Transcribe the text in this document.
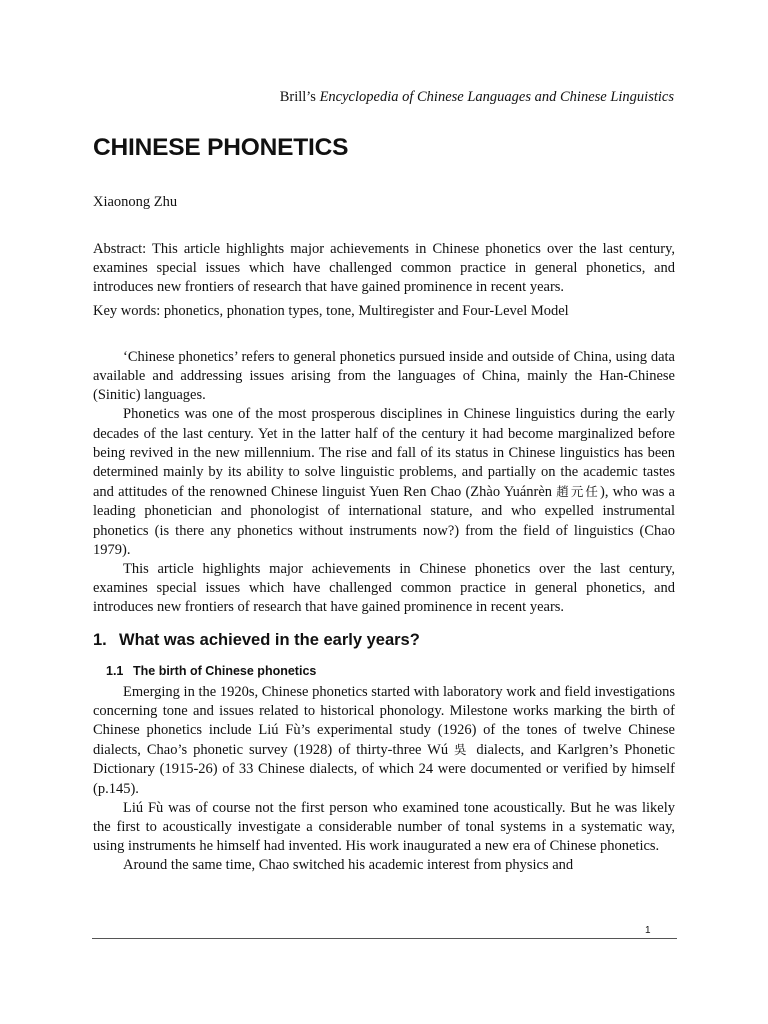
Brill’s Encyclopedia of Chinese Languages and Chinese Linguistics
CHINESE PHONETICS
Xiaonong Zhu

Abstract: This article highlights major achievements in Chinese phonetics over the last century, examines special issues which have challenged common practice in general phonetics, and introduces new frontiers of research that have gained prominence in recent years.

Key words: phonetics, phonation types, tone, Multiregister and Four-Level Model

‘Chinese phonetics’ refers to general phonetics pursued inside and outside of China, using data available and addressing issues arising from the languages of China, mainly the Han-Chinese (Sinitic) languages.

Phonetics was one of the most prosperous disciplines in Chinese linguistics during the early decades of the last century. Yet in the latter half of the century it had become marginalized before being revived in the new millennium. The rise and fall of its status in Chinese linguistics has been determined mainly by its ability to solve linguistic problems, and partially on the academic tastes and attitudes of the renowned Chinese linguist Yuen Ren Chao (Zhào Yuánrèn 趙元任), who was a leading phonetician and phonologist of international stature, and who expelled instrumental phonetics (is there any phonetics without instruments now?) from the field of linguistics (Chao 1979).

This article highlights major achievements in Chinese phonetics over the last century, examines special issues which have challenged common practice in general phonetics, and introduces new frontiers of research that have gained prominence in recent years.

1. What was achieved in the early years?
1.1 The birth of Chinese phonetics

Emerging in the 1920s, Chinese phonetics started with laboratory work and field investigations concerning tone and issues related to historical phonology. Milestone works marking the birth of Chinese phonetics include Liú Fù’s experimental study (1926) of the tones of twelve Chinese dialects, Chao’s phonetic survey (1928) of thirty-three Wú 吳 dialects, and Karlgren’s Phonetic Dictionary (1915-26) of 33 Chinese dialects, of which 24 were documented or verified by himself (p.145).

Liú Fù was of course not the first person who examined tone acoustically. But he was likely the first to acoustically investigate a considerable number of tonal systems in a systematic way, using instruments he himself had invented. His work inaugurated a new era of Chinese phonetics.

Around the same time, Chao switched his academic interest from physics and

1
